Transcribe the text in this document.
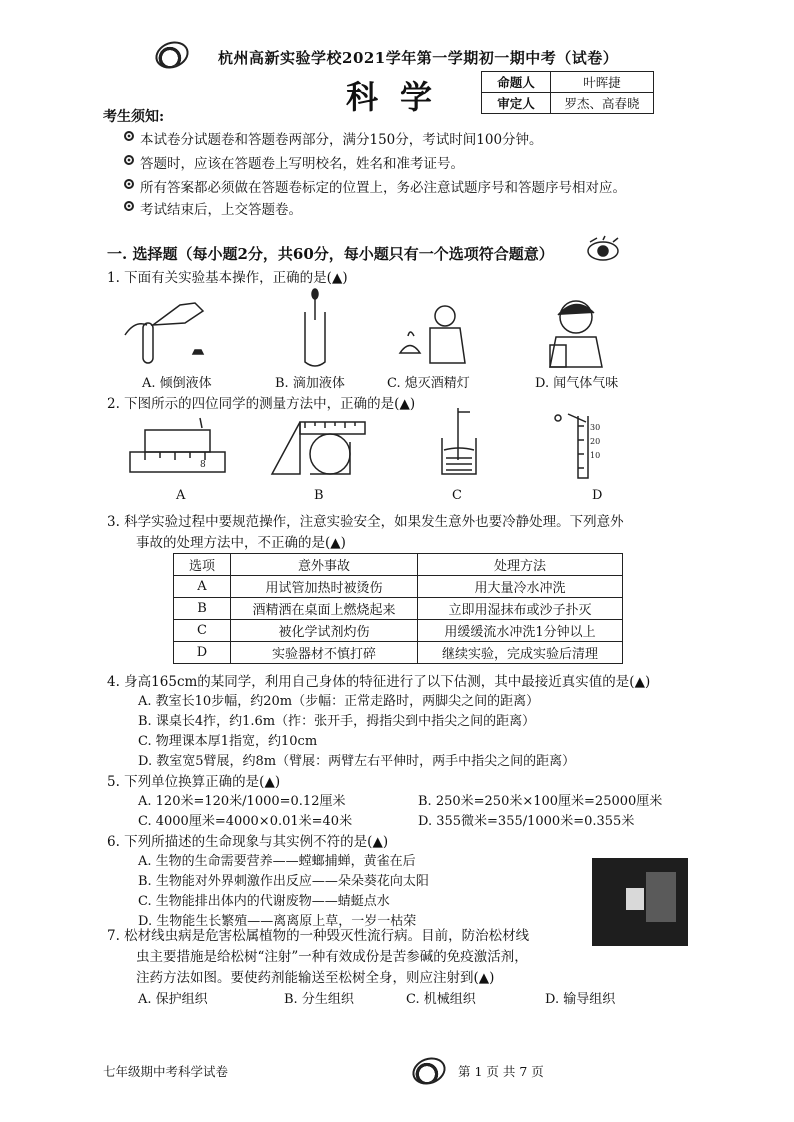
杭州高新实验学校2021学年第一学期初一期中考（试卷）
科学	命题人	叶晖捷
审定人	罗杰、高春晓
考生须知:
本试卷分试题卷和答题卷两部分，满分150分，考试时间100分钟。
答题时，应该在答题卷上写明校名，姓名和准考证号。
所有答案都必须做在答题卷标定的位置上，务必注意试题序号和答题序号相对应。
考试结束后，上交答题卷。
一. 选择题（每小题2分，共60分，每小题只有一个选项符合题意）
1. 下面有关实验基本操作，正确的是(▲)
A. 倾倒液体	B. 滴加液体	C. 熄灭酒精灯	D. 闻气体气味
2. 下图所示的四位同学的测量方法中，正确的是(▲)
8
30
20
10
A	B	C	D
3. 科学实验过程中要规范操作，注意实验安全，如果发生意外也要冷静处理。下列意外
事故的处理方法中，不正确的是(▲)
选项	意外事故	处理方法
A	用试管加热时被烫伤	用大量冷水冲洗
B	酒精洒在桌面上燃烧起来	立即用湿抹布或沙子扑灭
C	被化学试剂灼伤	用缓缓流水冲洗1分钟以上
D	实验器材不慎打碎	继续实验，完成实验后清理
4. 身高165cm的某同学，利用自己身体的特征进行了以下估测，其中最接近真实值的是(▲)
A. 教室长10步幅，约20m（步幅：正常走路时，两脚尖之间的距离）
B. 课桌长4拃，约1.6m（拃：张开手，拇指尖到中指尖之间的距离）
C. 物理课本厚1指宽，约10cm
D. 教室宽5臂展，约8m（臂展：两臂左右平伸时，两手中指尖之间的距离）
5. 下列单位换算正确的是(▲)
A. 120米=120米/1000=0.12厘米	B. 250米=250米×100厘米=25000厘米
C. 4000厘米=4000×0.01米=40米	D. 355微米=355/1000米=0.355米
6. 下列所描述的生命现象与其实例不符的是(▲)
A. 生物的生命需要营养——螳螂捕蝉，黄雀在后
B. 生物能对外界刺激作出反应——朵朵葵花向太阳
C. 生物能排出体内的代谢废物——蜻蜓点水
D. 生物能生长繁殖——离离原上草，一岁一枯荣
7. 松材线虫病是危害松属植物的一种毁灭性流行病。目前，防治松材线
虫主要措施是给松树“注射”一种有效成份是苦参碱的免疫激活剂，
注药方法如图。要使药剂能输送至松树全身，则应注射到(▲)
A. 保护组织	B. 分生组织	C. 机械组织	D. 输导组织
七年级期中考科学试卷	第 1 页 共 7 页
